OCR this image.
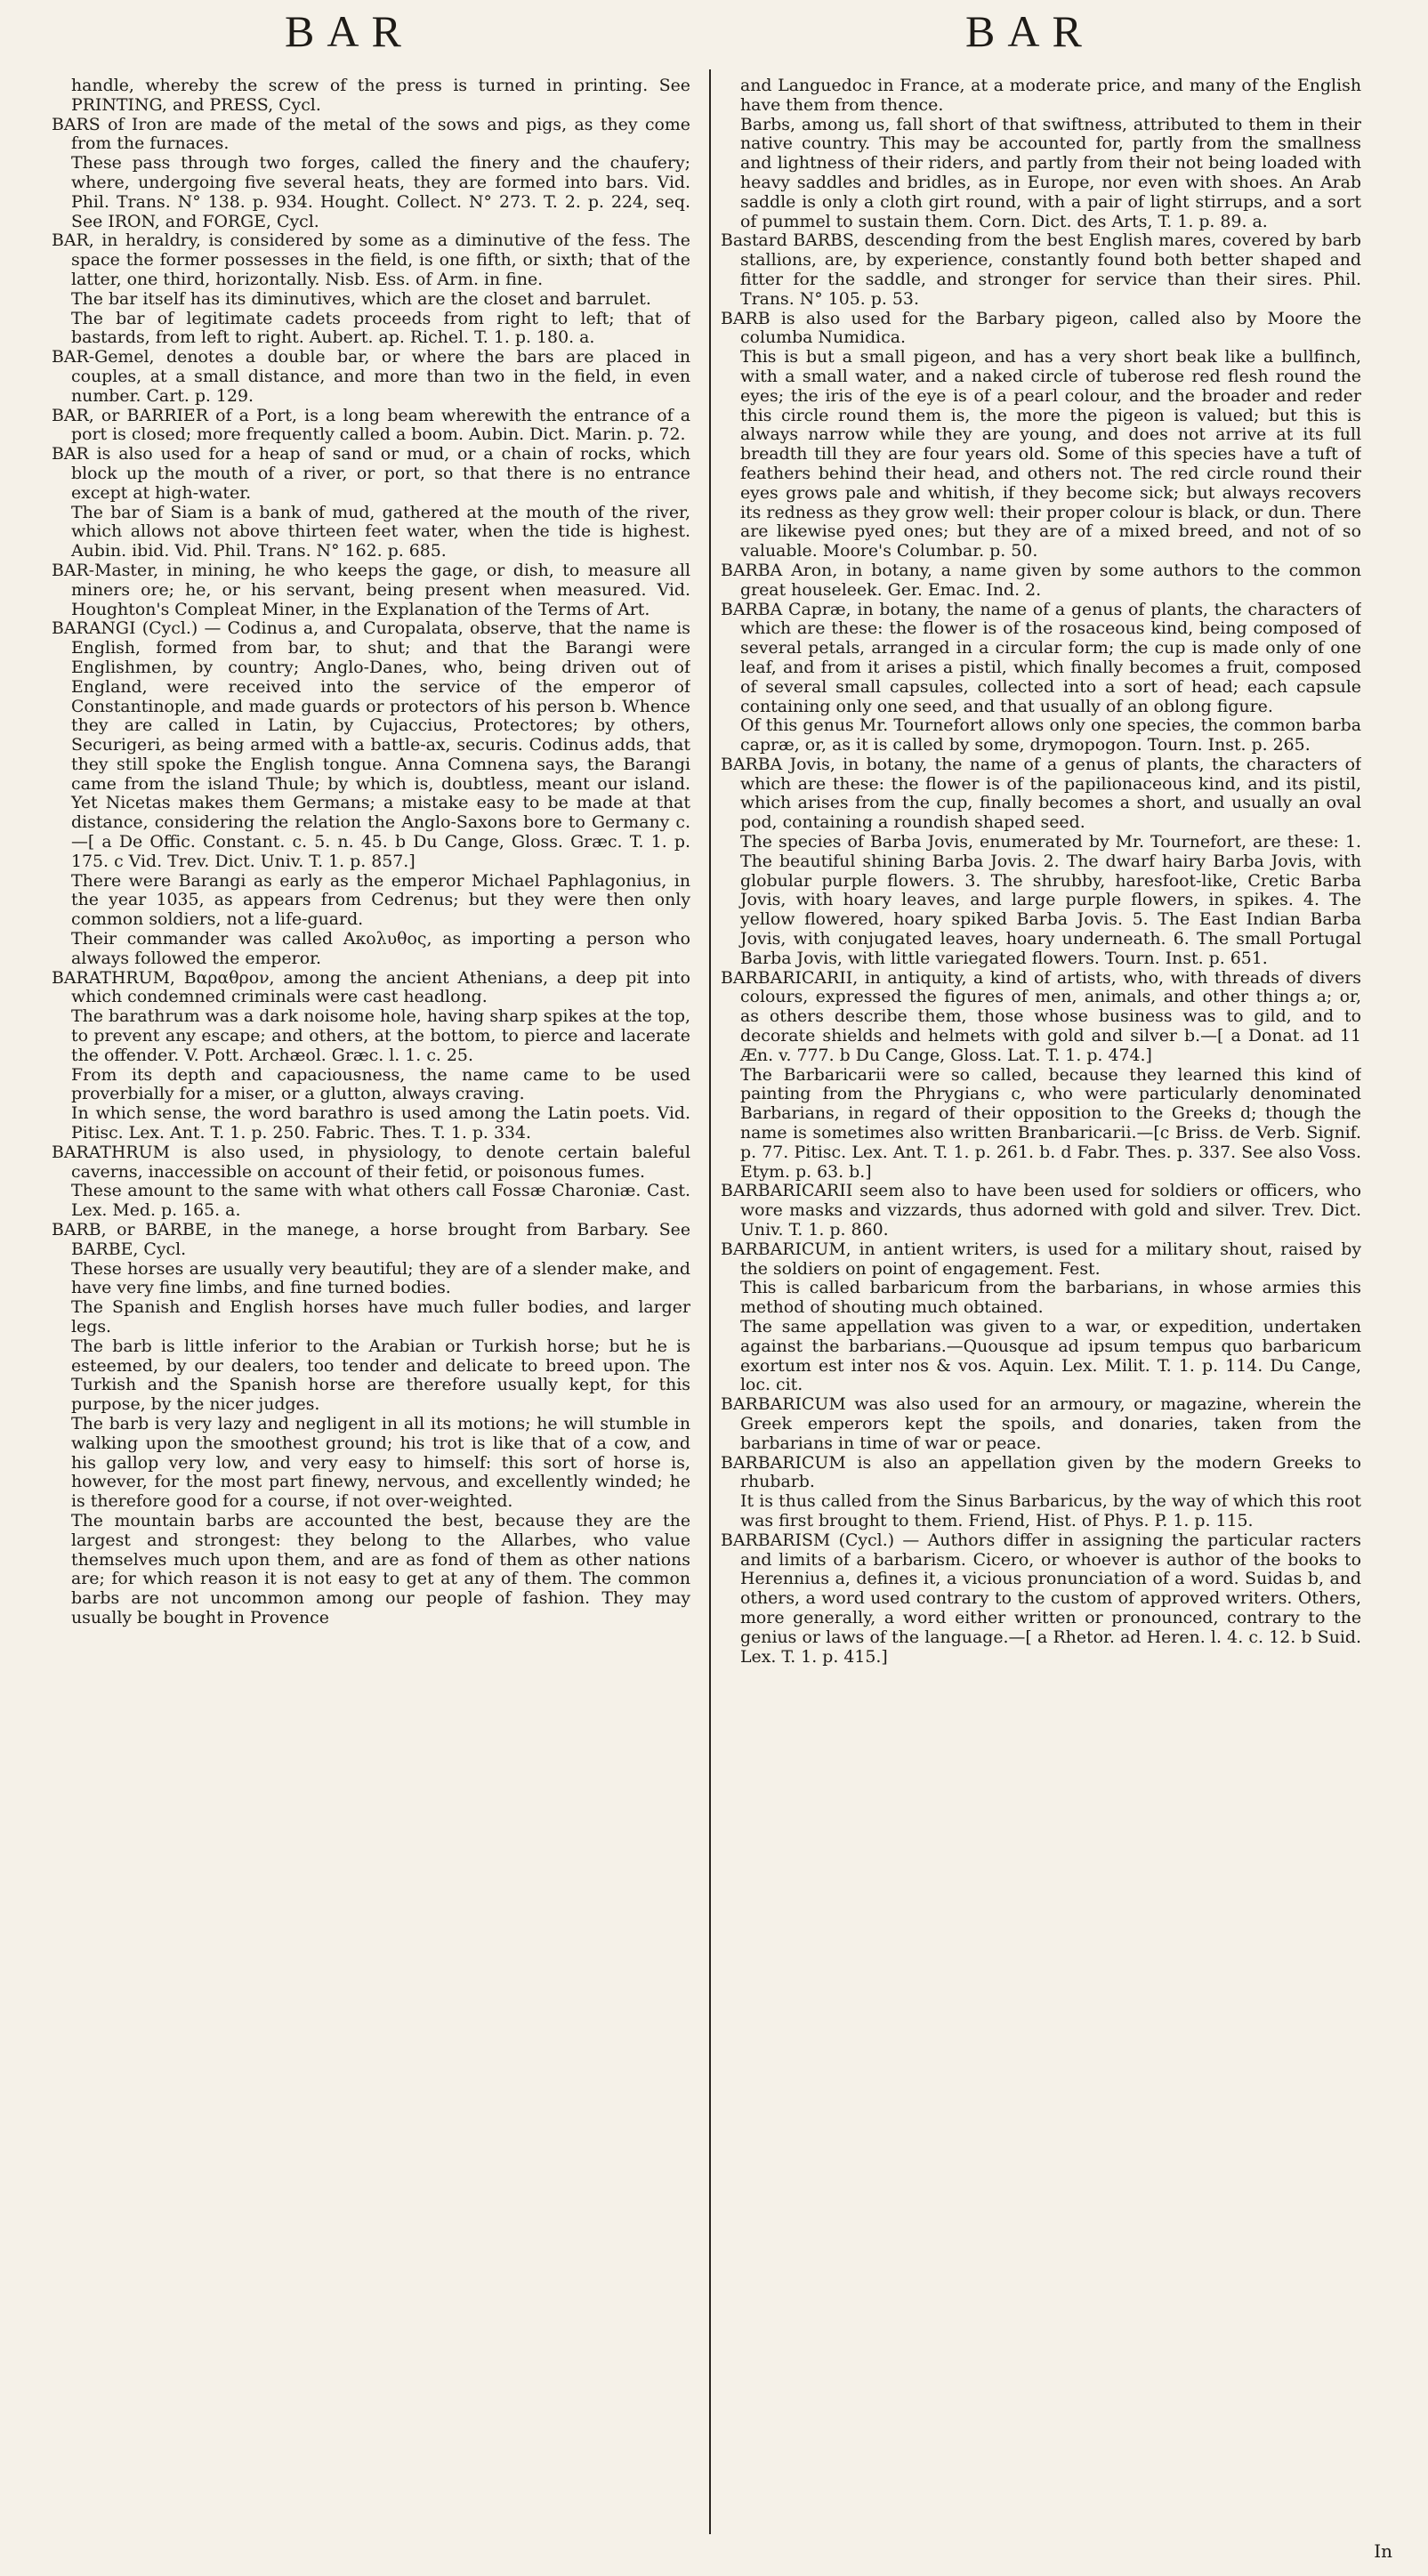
BAR	BAR

handle, whereby the screw of the press is turned in printing. See PRINTING, and PRESS, Cycl.

BARS of Iron are made of the metal of the sows and pigs, as they come from the furnaces.

These pass through two forges, called the finery and the chaufery; where, undergoing five several heats, they are formed into bars. Vid. Phil. Trans. N° 138. p. 934. Hought. Collect. N° 273. T. 2. p. 224, seq. See IRON, and FORGE, Cycl.

BAR, in heraldry, is considered by some as a diminutive of the fess. The space the former possesses in the field, is one fifth, or sixth; that of the latter, one third, horizontally. Nisb. Ess. of Arm. in fine.

The bar itself has its diminutives, which are the closet and barrulet.

The bar of legitimate cadets proceeds from right to left; that of bastards, from left to right. Aubert. ap. Richel. T. 1. p. 180. a.

BAR-Gemel, denotes a double bar, or where the bars are placed in couples, at a small distance, and more than two in the field, in even number. Cart. p. 129.

BAR, or BARRIER of a Port, is a long beam wherewith the entrance of a port is closed; more frequently called a boom. Aubin. Dict. Marin. p. 72.

BAR is also used for a heap of sand or mud, or a chain of rocks, which block up the mouth of a river, or port, so that there is no entrance except at high-water.

The bar of Siam is a bank of mud, gathered at the mouth of the river, which allows not above thirteen feet water, when the tide is highest. Aubin. ibid. Vid. Phil. Trans. N° 162. p. 685.

BAR-Master, in mining, he who keeps the gage, or dish, to measure all miners ore; he, or his servant, being present when measured. Vid. Houghton's Compleat Miner, in the Explanation of the Terms of Art.

BARANGI (Cycl.) — Codinus a, and Curopalata, observe, that the name is English, formed from bar, to shut; and that the Barangi were Englishmen, by country; Anglo-Danes, who, being driven out of England, were received into the service of the emperor of Constantinople, and made guards or protectors of his person b. Whence they are called in Latin, by Cujaccius, Protectores; by others, Securigeri, as being armed with a battle-ax, securis. Codinus adds, that they still spoke the English tongue. Anna Comnena says, the Barangi came from the island Thule; by which is, doubtless, meant our island. Yet Nicetas makes them Germans; a mistake easy to be made at that distance, considering the relation the Anglo-Saxons bore to Germany c.—[ a De Offic. Constant. c. 5. n. 45. b Du Cange, Gloss. Græc. T. 1. p. 175. c Vid. Trev. Dict. Univ. T. 1. p. 857.]

There were Barangi as early as the emperor Michael Paphlagonius, in the year 1035, as appears from Cedrenus; but they were then only common soldiers, not a life-guard.

Their commander was called Ακολυθος, as importing a person who always followed the emperor.

BARATHRUM, Βαραθρον, among the ancient Athenians, a deep pit into which condemned criminals were cast headlong.

The barathrum was a dark noisome hole, having sharp spikes at the top, to prevent any escape; and others, at the bottom, to pierce and lacerate the offender. V. Pott. Archæol. Græc. l. 1. c. 25.

From its depth and capaciousness, the name came to be used proverbially for a miser, or a glutton, always craving.

In which sense, the word barathro is used among the Latin poets. Vid. Pitisc. Lex. Ant. T. 1. p. 250. Fabric. Thes. T. 1. p. 334.

BARATHRUM is also used, in physiology, to denote certain baleful caverns, inaccessible on account of their fetid, or poisonous fumes.

These amount to the same with what others call Fossæ Charoniæ. Cast. Lex. Med. p. 165. a.

BARB, or BARBE, in the manege, a horse brought from Barbary. See BARBE, Cycl.

These horses are usually very beautiful; they are of a slender make, and have very fine limbs, and fine turned bodies.

The Spanish and English horses have much fuller bodies, and larger legs.

The barb is little inferior to the Arabian or Turkish horse; but he is esteemed, by our dealers, too tender and delicate to breed upon. The Turkish and the Spanish horse are therefore usually kept, for this purpose, by the nicer judges.

The barb is very lazy and negligent in all its motions; he will stumble in walking upon the smoothest ground; his trot is like that of a cow, and his gallop very low, and very easy to himself: this sort of horse is, however, for the most part finewy, nervous, and excellently winded; he is therefore good for a course, if not over-weighted.

The mountain barbs are accounted the best, because they are the largest and strongest: they belong to the Allarbes, who value themselves much upon them, and are as fond of them as other nations are; for which reason it is not easy to get at any of them. The common barbs are not uncommon among our people of fashion. They may usually be bought in Provence

and Languedoc in France, at a moderate price, and many of the English have them from thence.

Barbs, among us, fall short of that swiftness, attributed to them in their native country. This may be accounted for, partly from the smallness and lightness of their riders, and partly from their not being loaded with heavy saddles and bridles, as in Europe, nor even with shoes. An Arab saddle is only a cloth girt round, with a pair of light stirrups, and a sort of pummel to sustain them. Corn. Dict. des Arts, T. 1. p. 89. a.

Bastard BARBS, descending from the best English mares, covered by barb stallions, are, by experience, constantly found both better shaped and fitter for the saddle, and stronger for service than their sires. Phil. Trans. N° 105. p. 53.

BARB is also used for the Barbary pigeon, called also by Moore the columba Numidica.

This is but a small pigeon, and has a very short beak like a bullfinch, with a small water, and a naked circle of tuberose red flesh round the eyes; the iris of the eye is of a pearl colour, and the broader and reder this circle round them is, the more the pigeon is valued; but this is always narrow while they are young, and does not arrive at its full breadth till they are four years old. Some of this species have a tuft of feathers behind their head, and others not. The red circle round their eyes grows pale and whitish, if they become sick; but always recovers its redness as they grow well: their proper colour is black, or dun. There are likewise pyed ones; but they are of a mixed breed, and not of so valuable. Moore's Columbar. p. 50.

BARBA Aron, in botany, a name given by some authors to the common great houseleek. Ger. Emac. Ind. 2.

BARBA Capræ, in botany, the name of a genus of plants, the characters of which are these: the flower is of the rosaceous kind, being composed of several petals, arranged in a circular form; the cup is made only of one leaf, and from it arises a pistil, which finally becomes a fruit, composed of several small capsules, collected into a sort of head; each capsule containing only one seed, and that usually of an oblong figure.

Of this genus Mr. Tournefort allows only one species, the common barba capræ, or, as it is called by some, drymopogon. Tourn. Inst. p. 265.

BARBA Jovis, in botany, the name of a genus of plants, the characters of which are these: the flower is of the papilionaceous kind, and its pistil, which arises from the cup, finally becomes a short, and usually an oval pod, containing a roundish shaped seed.

The species of Barba Jovis, enumerated by Mr. Tournefort, are these: 1. The beautiful shining Barba Jovis. 2. The dwarf hairy Barba Jovis, with globular purple flowers. 3. The shrubby, haresfoot-like, Cretic Barba Jovis, with hoary leaves, and large purple flowers, in spikes. 4. The yellow flowered, hoary spiked Barba Jovis. 5. The East Indian Barba Jovis, with conjugated leaves, hoary underneath. 6. The small Portugal Barba Jovis, with little variegated flowers. Tourn. Inst. p. 651.

BARBARICARII, in antiquity, a kind of artists, who, with threads of divers colours, expressed the figures of men, animals, and other things a; or, as others describe them, those whose business was to gild, and to decorate shields and helmets with gold and silver b.—[ a Donat. ad 11 Æn. v. 777. b Du Cange, Gloss. Lat. T. 1. p. 474.]

The Barbaricarii were so called, because they learned this kind of painting from the Phrygians c, who were particularly denominated Barbarians, in regard of their opposition to the Greeks d; though the name is sometimes also written Branbaricarii.—[c Briss. de Verb. Signif. p. 77. Pitisc. Lex. Ant. T. 1. p. 261. b. d Fabr. Thes. p. 337. See also Voss. Etym. p. 63. b.]

BARBARICARII seem also to have been used for soldiers or officers, who wore masks and vizzards, thus adorned with gold and silver. Trev. Dict. Univ. T. 1. p. 860.

BARBARICUM, in antient writers, is used for a military shout, raised by the soldiers on point of engagement. Fest.

This is called barbaricum from the barbarians, in whose armies this method of shouting much obtained.

The same appellation was given to a war, or expedition, undertaken against the barbarians.—Quousque ad ipsum tempus quo barbaricum exortum est inter nos & vos. Aquin. Lex. Milit. T. 1. p. 114. Du Cange, loc. cit.

BARBARICUM was also used for an armoury, or magazine, wherein the Greek emperors kept the spoils, and donaries, taken from the barbarians in time of war or peace.

BARBARICUM is also an appellation given by the modern Greeks to rhubarb.

It is thus called from the Sinus Barbaricus, by the way of which this root was first brought to them. Friend, Hist. of Phys. P. 1. p. 115.

BARBARISM (Cycl.) — Authors differ in assigning the particular racters and limits of a barbarism. Cicero, or whoever is author of the books to Herennius a, defines it, a vicious pronunciation of a word. Suidas b, and others, a word used contrary to the custom of approved writers. Others, more generally, a word either written or pronounced, contrary to the genius or laws of the language.—[ a Rhetor. ad Heren. l. 4. c. 12. b Suid. Lex. T. 1. p. 415.]

In
